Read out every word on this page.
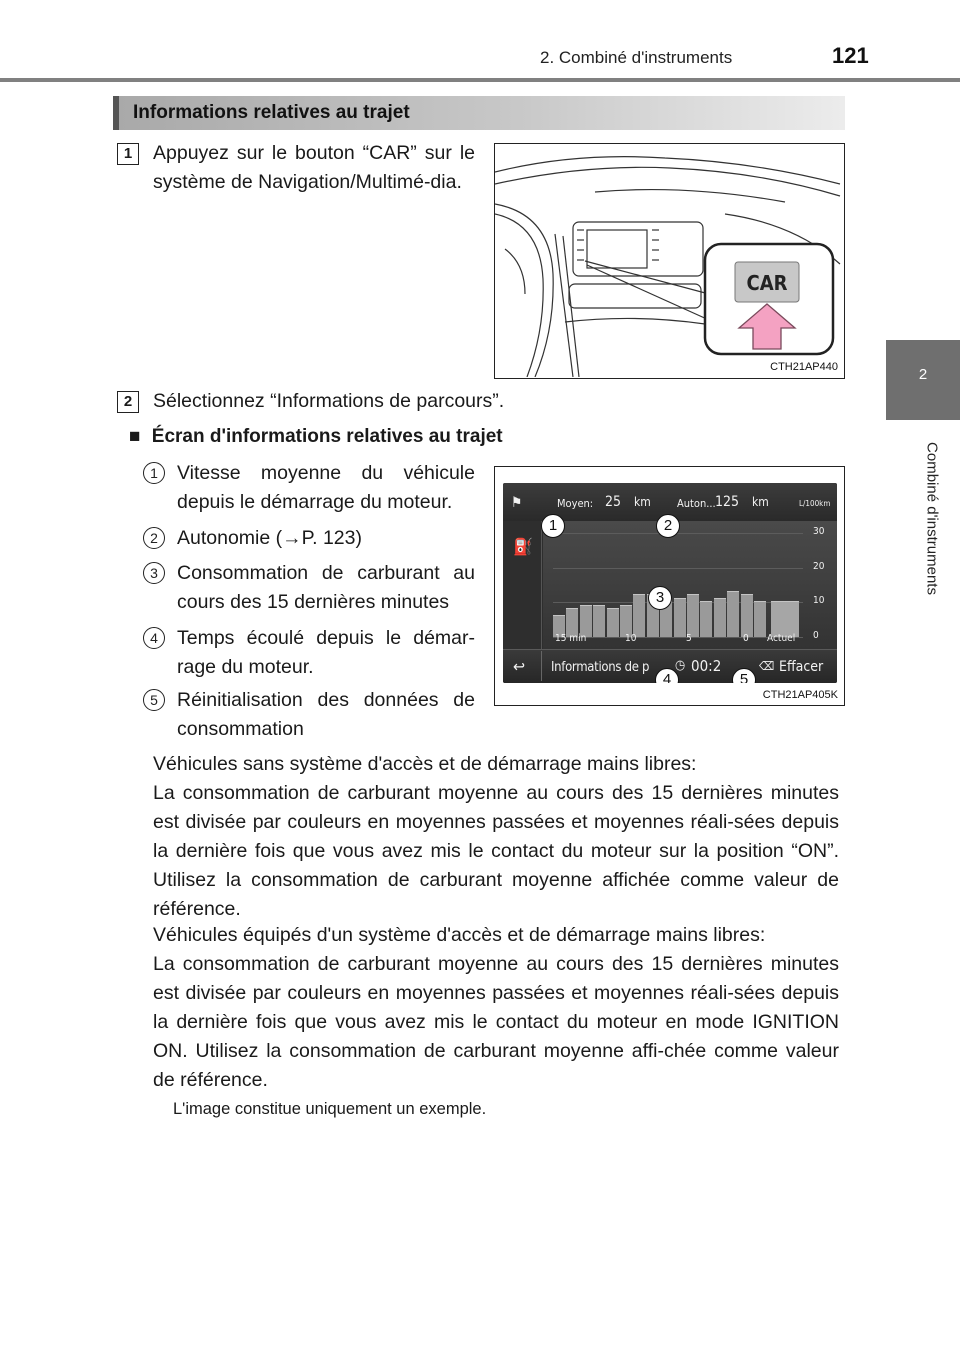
2. Combiné d'instruments	121
2
Combiné d'instruments
Informations relatives au trajet
1	Appuyez sur le bouton “CAR” sur le système de Navigation/Multimé-dia.
CAR
CTH21AP440
2	Sélectionnez “Informations de parcours”.
■ Écran d'informations relatives au trajet
1 Vitesse moyenne du véhicule depuis le démarrage du moteur.
2 Autonomie (→P. 123)
3 Consommation de carburant au cours des 15 dernières minutes
4 Temps écoulé depuis le démar-rage du moteur.
5 Réinitialisation des données de consommation
⚑	Moyen: 25 km Auton... 125 km	L/100km
⛽
30
20
10
0
15 min	10	5	0 Actuel
↩ Informations de p ◷ 00:2	⌫ Effacer
1	2
3
4	5
CTH21AP405K
Véhicules sans système d'accès et de démarrage mains libres:
La consommation de carburant moyenne au cours des 15 dernières minutes est divisée par couleurs en moyennes passées et moyennes réali-sées depuis la dernière fois que vous avez mis le contact du moteur sur la position “ON”. Utilisez la consommation de carburant moyenne affichée comme valeur de référence.
Véhicules équipés d'un système d'accès et de démarrage mains libres:
La consommation de carburant moyenne au cours des 15 dernières minutes est divisée par couleurs en moyennes passées et moyennes réali-sées depuis la dernière fois que vous avez mis le contact du moteur en mode IGNITION ON. Utilisez la consommation de carburant moyenne affi-chée comme valeur de référence.
L'image constitue uniquement un exemple.
